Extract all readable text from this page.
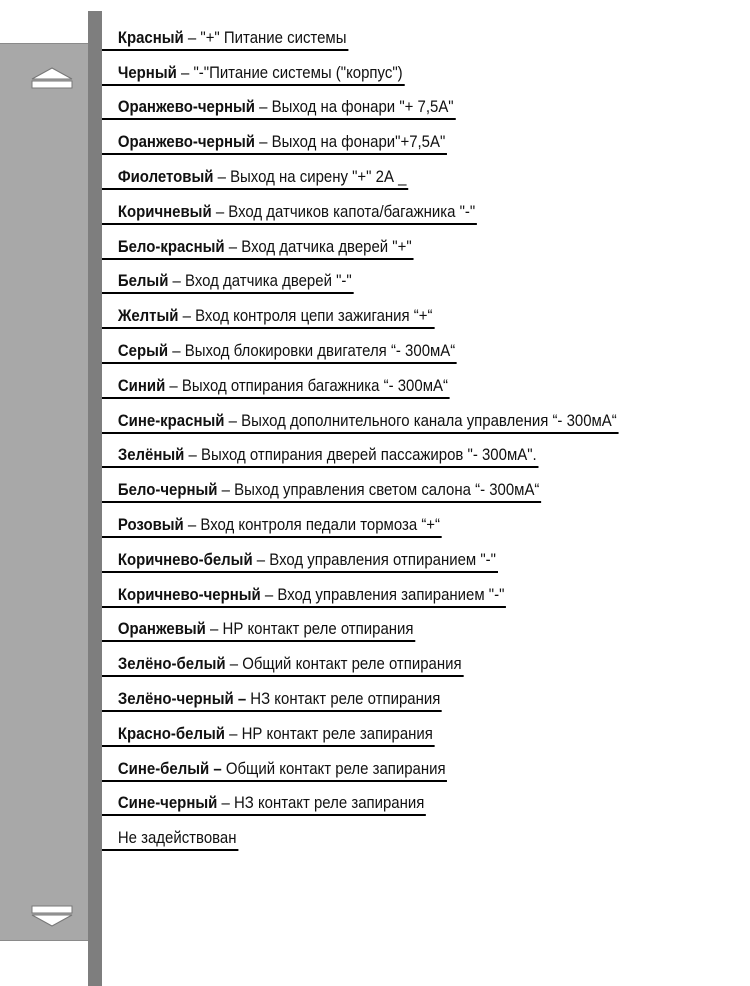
Красный – "+" Питание системы
Черный – "-"Питание системы ("корпус")
Оранжево-черный – Выход на фонари "+ 7,5А"
Оранжево-черный – Выход на фонари"+7,5А"
Фиолетовый – Выход на сирену "+" 2А _
Коричневый – Вход датчиков капота/багажника "-"
Бело-красный – Вход датчика дверей "+"
Белый – Вход датчика дверей "-"
Желтый – Вход контроля цепи зажигания “+“
Серый – Выход блокировки двигателя “- 300мА“
Синий – Выход отпирания багажника “- 300мА“
Сине-красный – Выход дополнительного канала управления “- 300мА“
Зелёный – Выход отпирания дверей пассажиров "- 300мА".
Бело-черный – Выход управления светом салона “- 300мА“
Розовый – Вход контроля педали тормоза “+“
Коричнево-белый – Вход управления отпиранием "-"
Коричнево-черный – Вход управления запиранием "-"
Оранжевый – НР контакт реле отпирания
Зелёно-белый – Общий контакт реле отпирания
Зелёно-черный – НЗ контакт реле отпирания
Красно-белый – НР контакт реле запирания
Сине-белый – Общий контакт реле запирания
Сине-черный – НЗ контакт реле запирания
Не задействован
